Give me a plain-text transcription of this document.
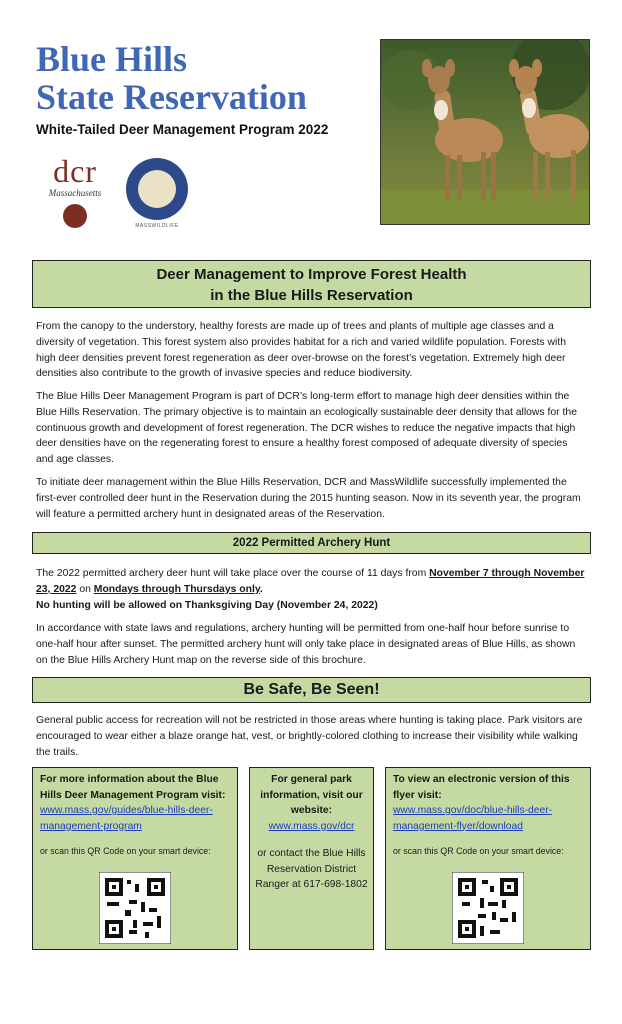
Blue Hills
State Reservation
White-Tailed Deer Management Program 2022
dcr
Massachusetts
MASSWILDLIFE
Deer Management to Improve Forest Health
in the Blue Hills Reservation
From the canopy to the understory, healthy forests are made up of trees and plants of multiple age classes and a diversity of vegetation. This forest system also provides habitat for a rich and varied wildlife population. Forests with high deer densities prevent forest regeneration as deer over-browse on the forest’s vegetation. Extremely high deer densities also contribute to the growth of invasive species and reduce biodiversity.
The Blue Hills Deer Management Program is part of DCR’s long-term effort to manage high deer densities within the Blue Hills Reservation. The primary objective is to maintain an ecologically sustainable deer density that allows for the continuous growth and development of forest regeneration. The DCR wishes to reduce the negative impacts that high deer densities have on the regenerating forest to ensure a healthy forest composed of adequate diversity of species and age classes.
To initiate deer management within the Blue Hills Reservation, DCR and MassWildlife successfully implemented the first-ever controlled deer hunt in the Reservation during the 2015 hunting season. Now in its seventh year, the program will feature a permitted archery hunt in designated areas of the Reservation.
2022 Permitted Archery Hunt
The 2022 permitted archery deer hunt will take place over the course of 11 days from November 7 through November 23, 2022 on Mondays through Thursdays only.
No hunting will be allowed on Thanksgiving Day (November 24, 2022)
In accordance with state laws and regulations, archery hunting will be permitted from one-half hour before sunrise to one-half hour after sunset. The permitted archery hunt will only take place in designated areas of Blue Hills, as shown on the Blue Hills Archery Hunt map on the reverse side of this brochure.
Be Safe, Be Seen!
General public access for recreation will not be restricted in those areas where hunting is taking place. Park visitors are encouraged to wear either a blaze orange hat, vest, or brightly-colored clothing to increase their visibility while walking the trails.
For more information about the Blue Hills Deer Management Program visit:
www.mass.gov/guides/blue-hills-deer-management-program
or scan this QR Code on your smart device:
For general park information, visit our website:
www.mass.gov/dcr
or contact the Blue Hills Reservation District Ranger at 617-698-1802
To view an electronic version of this flyer visit:
www.mass.gov/doc/blue-hills-deer-management-flyer/download
or scan this QR Code on your smart device:
